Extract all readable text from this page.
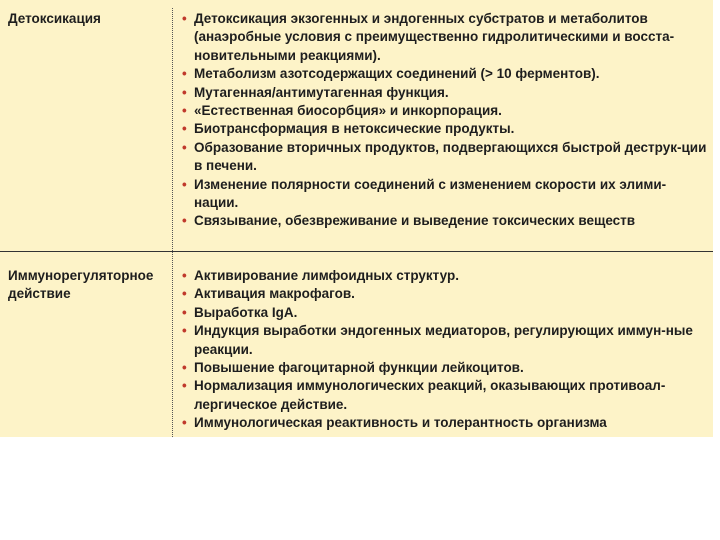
Детоксикация	• Детоксикация экзогенных и эндогенных субстратов и метаболитов (анаэробные условия с преимущественно гидролитическими и восста-новительными реакциями).
• Метаболизм азотсодержащих соединений (> 10 ферментов).
• Мутагенная/антимутагенная функция.
• «Естественная биосорбция» и инкорпорация.
• Биотрансформация в нетоксические продукты.
• Образование вторичных продуктов, подвергающихся быстрой деструк-ции в печени.
• Изменение полярности соединений с изменением скорости их элими-нации.
• Связывание, обезвреживание и выведение токсических веществ
Иммунорегуляторное действие
• Активирование лимфоидных структур.
• Активация макрофагов.
• Выработка IgA.
• Индукция выработки эндогенных медиаторов, регулирующих иммун-ные реакции.
• Повышение фагоцитарной функции лейкоцитов.
• Нормализация иммунологических реакций, оказывающих противоал-лергическое действие.
• Иммунологическая реактивность и толерантность организма
